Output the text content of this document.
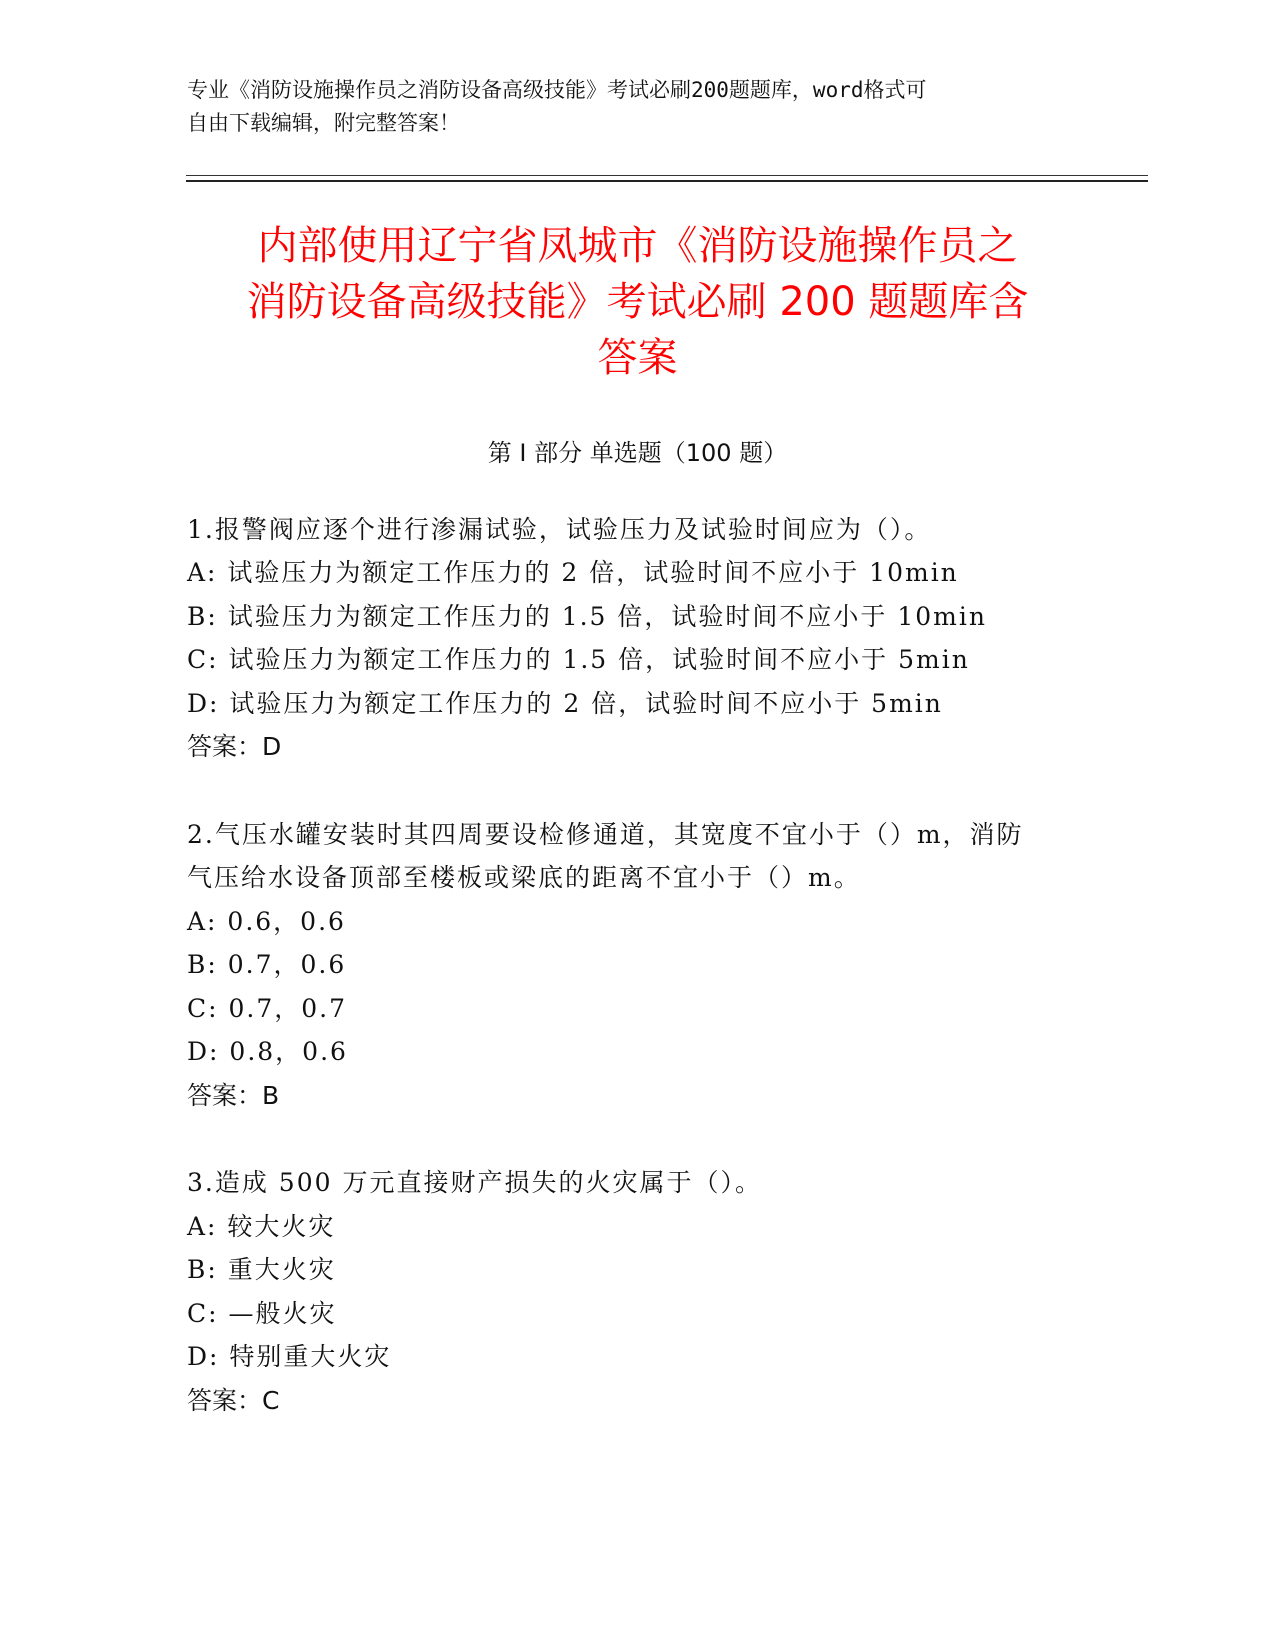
专业《消防设施操作员之消防设备高级技能》考试必刷200题题库，word格式可
自由下载编辑，附完整答案！
内部使用辽宁省凤城市《消防设施操作员之
消防设备高级技能》考试必刷 200 题题库含
答案
第 I 部分 单选题（100 题）
1.报警阀应逐个进行渗漏试验，试验压力及试验时间应为（）。
A: 试验压力为额定工作压力的 2 倍，试验时间不应小于 10min
B: 试验压力为额定工作压力的 1.5 倍，试验时间不应小于 10min
C: 试验压力为额定工作压力的 1.5 倍，试验时间不应小于 5min
D: 试验压力为额定工作压力的 2 倍，试验时间不应小于 5min
答案：D
2.气压水罐安装时其四周要设检修通道，其宽度不宜小于（）m，消防
气压给水设备顶部至楼板或梁底的距离不宜小于（）m。
A: 0.6，0.6
B: 0.7，0.6
C: 0.7，0.7
D: 0.8，0.6
答案：B
3.造成 500 万元直接财产损失的火灾属于（）。
A: 较大火灾
B: 重大火灾
C: —般火灾
D: 特别重大火灾
答案：C
